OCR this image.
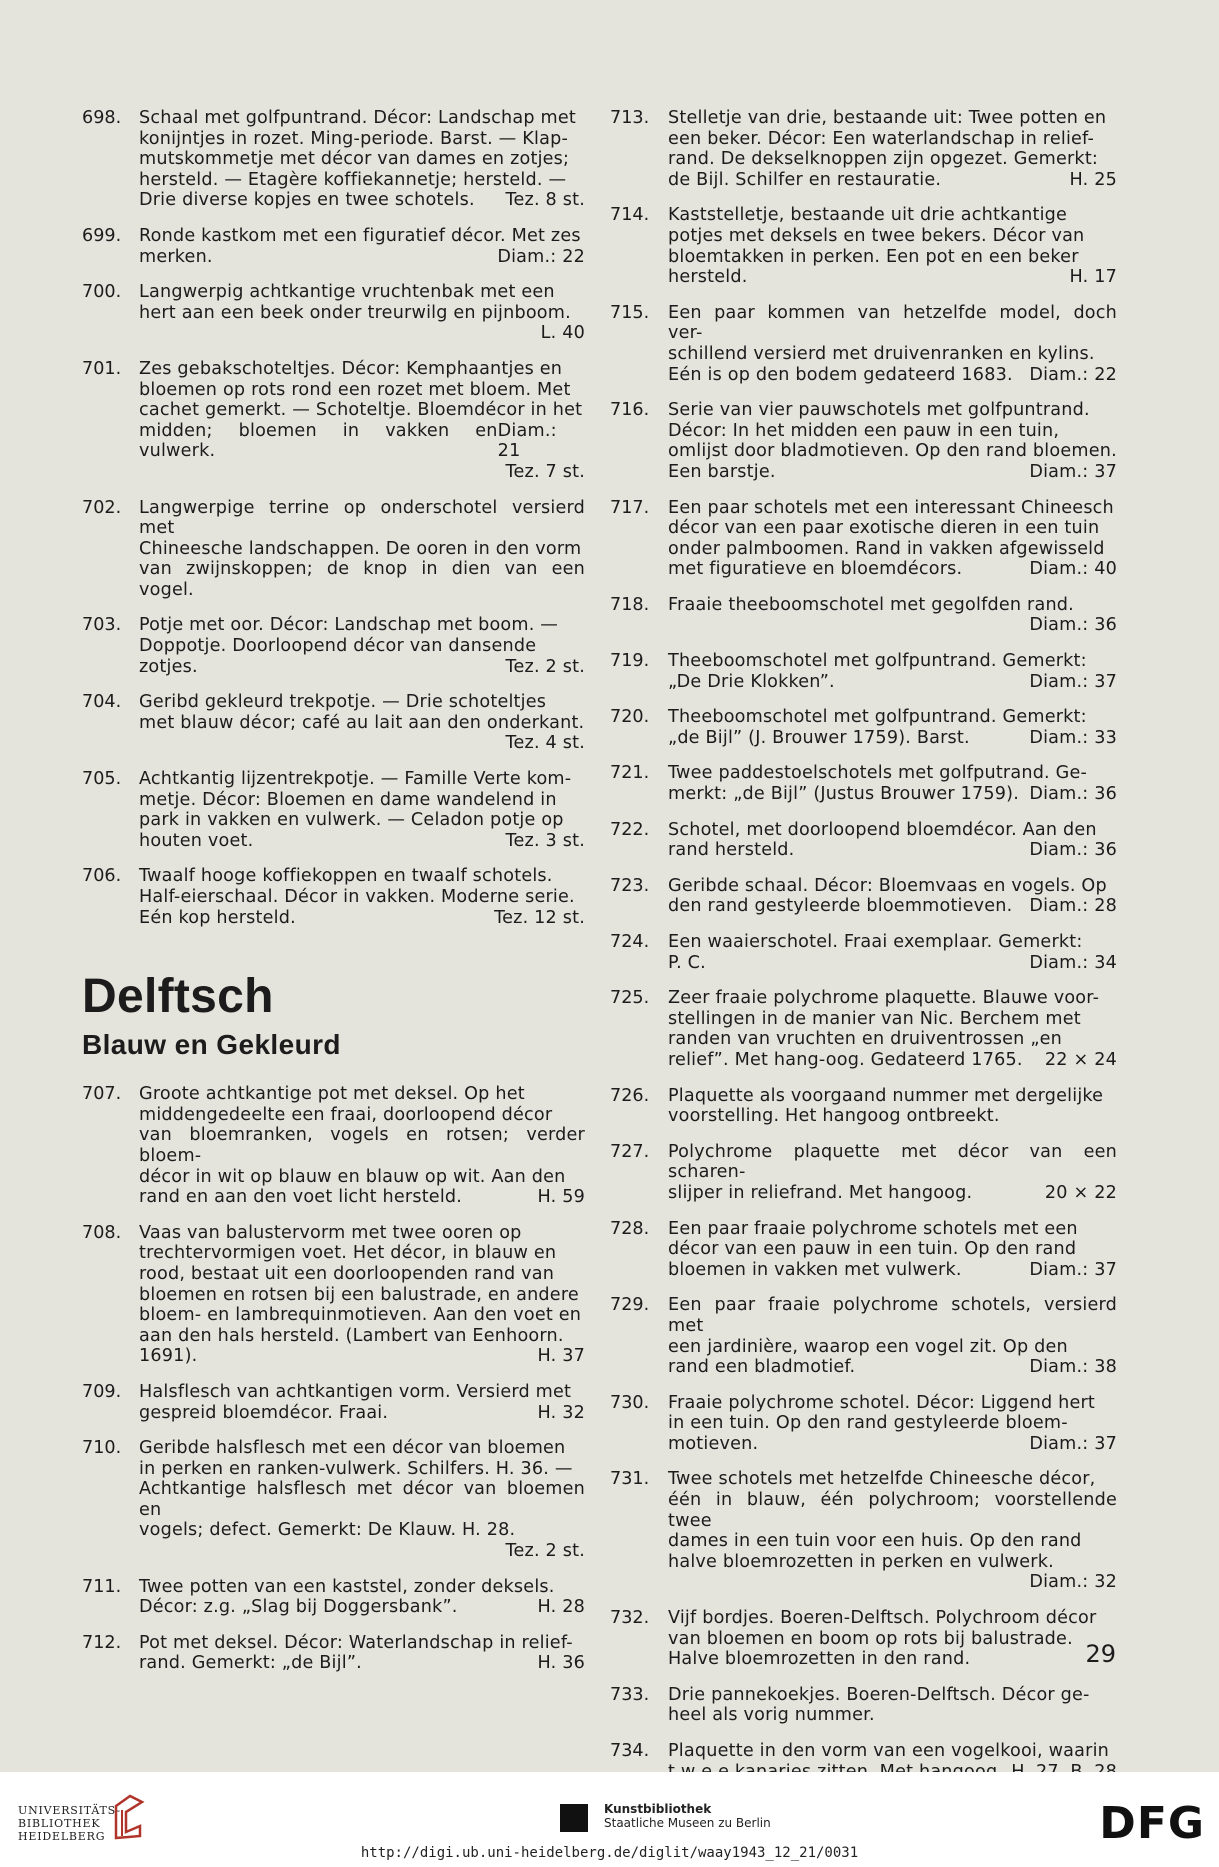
698.	Schaal met golfpuntrand. Décor: Landschap met
konijntjes in rozet. Ming-periode. Barst. — Klap-
mutskommetje met décor van dames en zotjes;
hersteld. — Etagère koffiekannetje; hersteld. —
Drie diverse kopjes en twee schotels. Tez. 8 st.
699.	Ronde kastkom met een figuratief décor. Met zes
merken.	Diam.: 22
700.	Langwerpig achtkantige vruchtenbak met een
hert aan een beek onder treurwilg en pijnboom.
L. 40
701.	Zes gebakschoteltjes. Décor: Kemphaantjes en
bloemen op rots rond een rozet met bloem. Met
cachet gemerkt. — Schoteltje. Bloemdécor in het
midden; bloemen in vakken en vulwerk.
Diam.: 21
Tez. 7 st.
702.	Langwerpige terrine op onderschotel versierd met
Chineesche landschappen. De ooren in den vorm
van zwijnskoppen; de knop in dien van een vogel.
703.	Potje met oor. Décor: Landschap met boom. —
Doppotje. Doorloopend décor van dansende
zotjes.	Tez. 2 st.
704.	Geribd gekleurd trekpotje. — Drie schoteltjes
met blauw décor; café au lait aan den onderkant.
Tez. 4 st.
705.	Achtkantig lijzentrekpotje. — Famille Verte kom-
metje. Décor: Bloemen en dame wandelend in
park in vakken en vulwerk. — Celadon potje op
houten voet.	Tez. 3 st.
706.	Twaalf hooge koffiekoppen en twaalf schotels.
Half-eierschaal. Décor in vakken. Moderne serie.
Eén kop hersteld.	Tez. 12 st.
Delftsch
Blauw en Gekleurd
707.	Groote achtkantige pot met deksel. Op het
middengedeelte een fraai, doorloopend décor
van bloemranken, vogels en rotsen; verder bloem-
décor in wit op blauw en blauw op wit. Aan den
rand en aan den voet licht hersteld.	H. 59
708.	Vaas van balustervorm met twee ooren op
trechtervormigen voet. Het décor, in blauw en
rood, bestaat uit een doorloopenden rand van
bloemen en rotsen bij een balustrade, en andere
bloem- en lambrequinmotieven. Aan den voet en
aan den hals hersteld. (Lambert van Eenhoorn.
1691).	H. 37
709.	Halsflesch van achtkantigen vorm. Versierd met
gespreid bloemdécor. Fraai.	H. 32
710.	Geribde halsflesch met een décor van bloemen
in perken en ranken-vulwerk. Schilfers. H. 36. —
Achtkantige halsflesch met décor van bloemen en
vogels; defect. Gemerkt: De Klauw. H. 28.
Tez. 2 st.
711.	Twee potten van een kaststel, zonder deksels.
Décor: z.g. „Slag bij Doggersbank”.	H. 28
712.	Pot met deksel. Décor: Waterlandschap in relief-
rand. Gemerkt: „de Bijl”.	H. 36
713.	Stelletje van drie, bestaande uit: Twee potten en
een beker. Décor: Een waterlandschap in relief-
rand. De dekselknoppen zijn opgezet. Gemerkt:
de Bijl. Schilfer en restauratie.	H. 25
714.	Kaststelletje, bestaande uit drie achtkantige
potjes met deksels en twee bekers. Décor van
bloemtakken in perken. Een pot en een beker
hersteld.	H. 17
715.	Een paar kommen van hetzelfde model, doch ver-
schillend versierd met druivenranken en kylins.
Eén is op den bodem gedateerd 1683. Diam.: 22
716.	Serie van vier pauwschotels met golfpuntrand.
Décor: In het midden een pauw in een tuin,
omlijst door bladmotieven. Op den rand bloemen.
Een barstje.	Diam.: 37
717.	Een paar schotels met een interessant Chineesch
décor van een paar exotische dieren in een tuin
onder palmboomen. Rand in vakken afgewisseld
met figuratieve en bloemdécors.	Diam.: 40
718.	Fraaie theeboomschotel met gegolfden rand.
Diam.: 36
719.	Theeboomschotel met golfpuntrand. Gemerkt:
„De Drie Klokken”.	Diam.: 37
720.	Theeboomschotel met golfpuntrand. Gemerkt:
„de Bijl” (J. Brouwer 1759). Barst.	Diam.: 33
721.	Twee paddestoelschotels met golfputrand. Ge-
merkt: „de Bijl” (Justus Brouwer 1759). Diam.: 36
722.	Schotel, met doorloopend bloemdécor. Aan den
rand hersteld.	Diam.: 36
723.	Geribde schaal. Décor: Bloemvaas en vogels. Op
den rand gestyleerde bloemmotieven. Diam.: 28
724.	Een waaierschotel. Fraai exemplaar. Gemerkt:
P. C.	Diam.: 34
725.	Zeer fraaie polychrome plaquette. Blauwe voor-
stellingen in de manier van Nic. Berchem met
randen van vruchten en druiventrossen „en
relief”. Met hang-oog. Gedateerd 1765. 22 × 24
726.	Plaquette als voorgaand nummer met dergelijke
voorstelling. Het hangoog ontbreekt.
727.	Polychrome plaquette met décor van een scharen-
slijper in reliefrand. Met hangoog.	20 × 22
728.	Een paar fraaie polychrome schotels met een
décor van een pauw in een tuin. Op den rand
bloemen in vakken met vulwerk.	Diam.: 37
729.	Een paar fraaie polychrome schotels, versierd met
een jardinière, waarop een vogel zit. Op den
rand een bladmotief.	Diam.: 38
730.	Fraaie polychrome schotel. Décor: Liggend hert
in een tuin. Op den rand gestyleerde bloem-
motieven.	Diam.: 37
731.	Twee schotels met hetzelfde Chineesche décor,
één in blauw, één polychroom; voorstellende twee
dames in een tuin voor een huis. Op den rand
halve bloemrozetten in perken en vulwerk.
Diam.: 32
732.	Vijf bordjes. Boeren-Delftsch. Polychroom décor
van bloemen en boom op rots bij balustrade.
Halve bloemrozetten in den rand.
733.	Drie pannekoekjes. Boeren-Delftsch. Décor ge-
heel als vorig nummer.
734.	Plaquette in den vorm van een vogelkooi, waarin
29
UNIVERSITÄTS-
BIBLIOTHEK
HEIDELBERG
Kunstbibliothek
Staatliche Museen zu Berlin	DFG
http://digi.ub.uni-heidelberg.de/diglit/waay1943_12_21/0031
